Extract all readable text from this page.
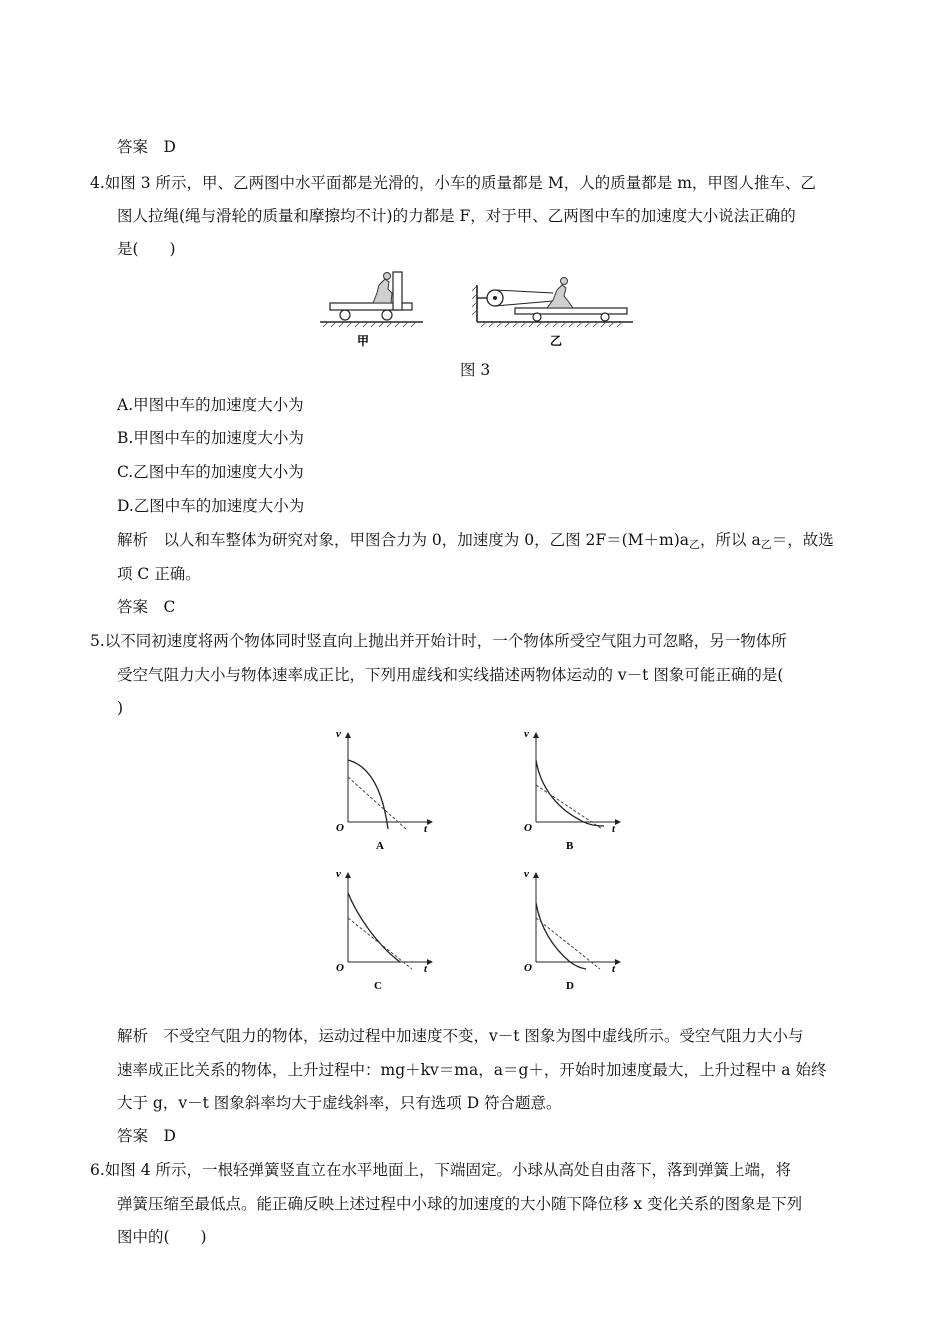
答案　D
4.如图 3 所示，甲、乙两图中水平面都是光滑的，小车的质量都是 M，人的质量都是 m，甲图人推车、乙
图人拉绳(绳与滑轮的质量和摩擦均不计)的力都是 F，对于甲、乙两图中车的加速度大小说法正确的
是(　　)
甲	乙
图 3
A.甲图中车的加速度大小为
B.甲图中车的加速度大小为
C.乙图中车的加速度大小为
D.乙图中车的加速度大小为
解析　以人和车整体为研究对象，甲图合力为 0，加速度为 0，乙图 $2F=(M+m)a_乙$，所以 $a_乙=$，故选
项 C 正确。
答案　C
5.以不同初速度将两个物体同时竖直向上抛出并开始计时，一个物体所受空气阻力可忽略，另一物体所
受空气阻力大小与物体速率成正比，下列用虚线和实线描述两物体运动的 v－t 图象可能正确的是(
)
v
t
O
A
v
t
O
B
v
t
O
C
v
t
O
D
解析　不受空气阻力的物体，运动过程中加速度不变，v－t 图象为图中虚线所示。受空气阻力大小与
速率成正比关系的物体，上升过程中：mg＋kv＝ma，a＝g＋，开始时加速度最大，上升过程中 a 始终
大于 g，v－t 图象斜率均大于虚线斜率，只有选项 D 符合题意。
答案　D
6.如图 4 所示，一根轻弹簧竖直立在水平地面上，下端固定。小球从高处自由落下，落到弹簧上端，将
弹簧压缩至最低点。能正确反映上述过程中小球的加速度的大小随下降位移 x 变化关系的图象是下列
图中的(　　)
